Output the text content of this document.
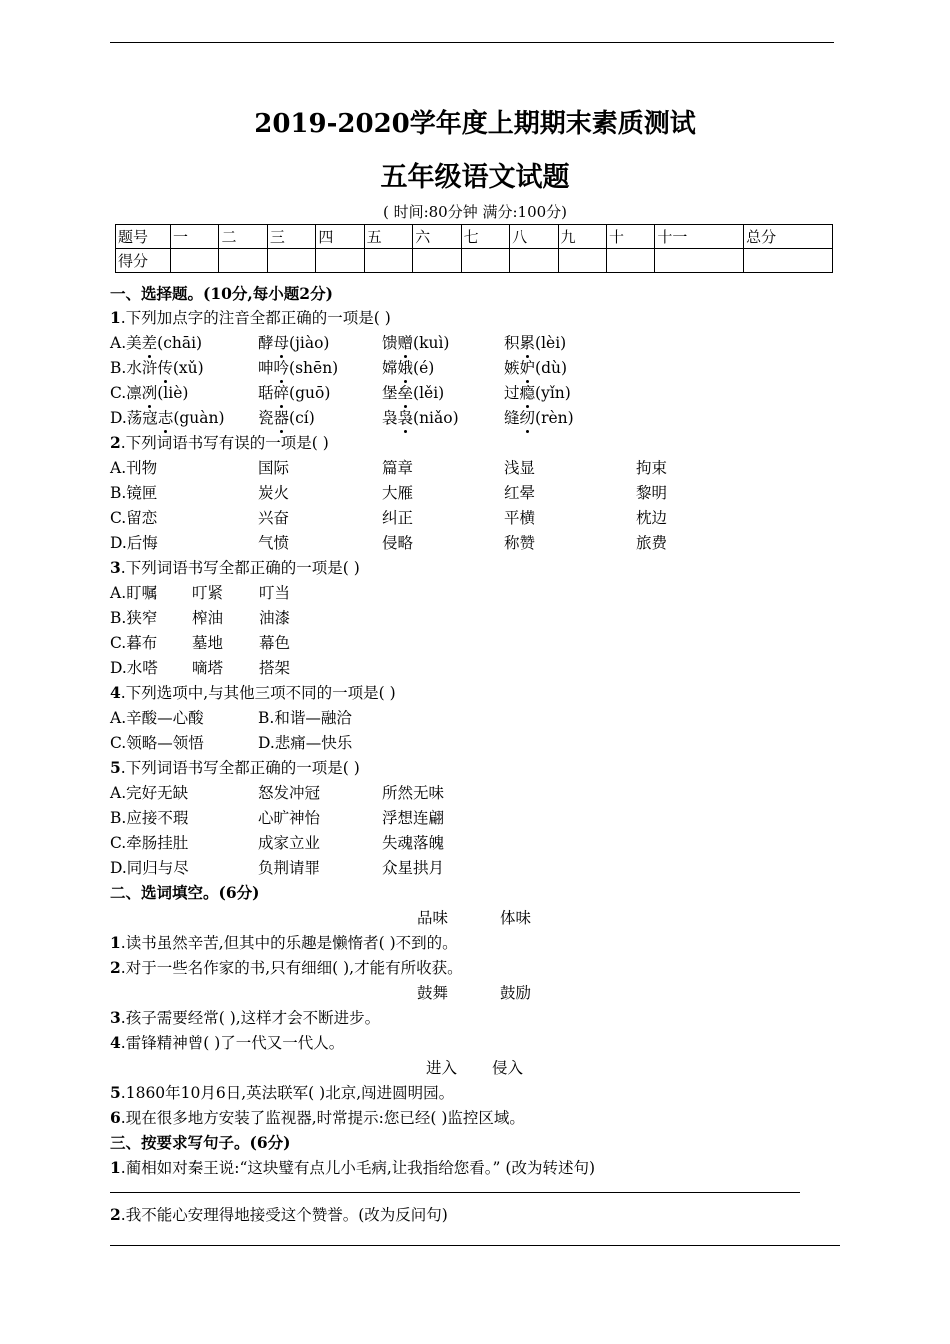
2019-2020学年度上期期末素质测试
五年级语文试题
( 时间:80分钟 满分:100分)
题号	一	二	三	四	五	六	七	八	九	十	十一	总分
得分												
一、选择题。(10分,每小题2分)
1.下列加点字的注音全都正确的一项是( )
A.美差(chāi)	酵母(jiào)	馈赠(kuì)	积累(lèi)
B.水浒传(xǔ)	呻吟(shēn)	嫦娥(é)	嫉妒(dù)
C.凛冽(liè)	聒碎(guō)	堡垒(lěi)	过瘾(yǐn)
D.荡寇志(guàn) 瓷器(cí)	袅袅(niǎo)	缝纫(rèn)
2.下列词语书写有误的一项是( )
A.刊物	国际	篇章	浅显	拘束
B.镜匣	炭火	大雁	红晕	黎明
C.留恋	兴奋	纠正	平横	枕边
D.后悔	气愤	侵略	称赞	旅费
3.下列词语书写全都正确的一项是( )
A.盯嘱 叮紧 叮当
B.狭窄 榨油 油漆
C.暮布 墓地 幕色
D.水嗒 嘀塔 搭架
4.下列选项中,与其他三项不同的一项是( )
A.辛酸—心酸	B.和谐—融洽
C.领略—领悟	D.悲痛—快乐
5.下列词语书写全都正确的一项是( )
A.完好无缺	怒发冲冠	所然无味
B.应接不瑕	心旷神怡	浮想连翩
C.牵肠挂肚	成家立业	失魂落魄
D.同归与尽	负荆请罪	众星拱月
二、选词填空。(6分)
品味	体味
1.读书虽然辛苦,但其中的乐趣是懒惰者( )不到的。
2.对于一些名作家的书,只有细细( ),才能有所收获。
鼓舞	鼓励
3.孩子需要经常( ),这样才会不断进步。
4.雷锋精神曾( )了一代又一代人。
进入 侵入
5.1860年10月6日,英法联军( )北京,闯进圆明园。
6.现在很多地方安装了监视器,时常提示:您已经( )监控区域。
三、按要求写句子。(6分)
1.蔺相如对秦王说:“这块璧有点儿小毛病,让我指给您看。” (改为转述句)
2.我不能心安理得地接受这个赞誉。(改为反问句)
